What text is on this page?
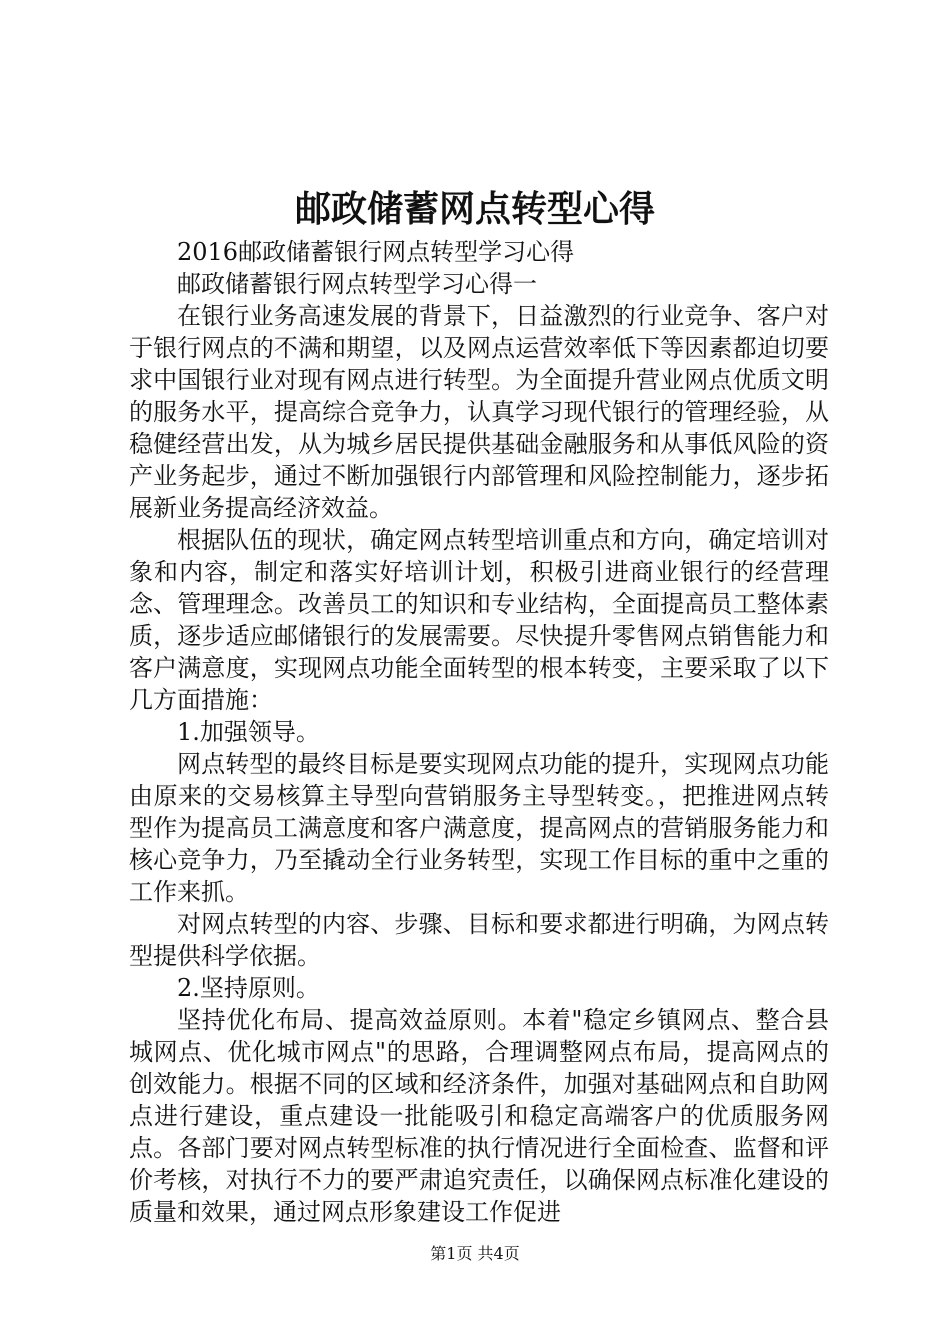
邮政储蓄网点转型心得

2016邮政储蓄银行网点转型学习心得

邮政储蓄银行网点转型学习心得一

在银行业务高速发展的背景下，日益激烈的行业竞争、客户对于银行网点的不满和期望，以及网点运营效率低下等因素都迫切要求中国银行业对现有网点进行转型。为全面提升营业网点优质文明的服务水平，提高综合竞争力，认真学习现代银行的管理经验，从稳健经营出发，从为城乡居民提供基础金融服务和从事低风险的资产业务起步，通过不断加强银行内部管理和风险控制能力，逐步拓展新业务提高经济效益。

根据队伍的现状，确定网点转型培训重点和方向，确定培训对象和内容，制定和落实好培训计划，积极引进商业银行的经营理念、管理理念。改善员工的知识和专业结构，全面提高员工整体素质，逐步适应邮储银行的发展需要。尽快提升零售网点销售能力和客户满意度，实现网点功能全面转型的根本转变，主要采取了以下几方面措施：

1.加强领导。

网点转型的最终目标是要实现网点功能的提升，实现网点功能由原来的交易核算主导型向营销服务主导型转变。，把推进网点转型作为提高员工满意度和客户满意度，提高网点的营销服务能力和核心竞争力，乃至撬动全行业务转型，实现工作目标的重中之重的工作来抓。

对网点转型的内容、步骤、目标和要求都进行明确，为网点转型提供科学依据。

2.坚持原则。

坚持优化布局、提高效益原则。本着"稳定乡镇网点、整合县城网点、优化城市网点"的思路，合理调整网点布局，提高网点的创效能力。根据不同的区域和经济条件，加强对基础网点和自助网点进行建设，重点建设一批能吸引和稳定高端客户的优质服务网点。各部门要对网点转型标准的执行情况进行全面检查、监督和评价考核，对执行不力的要严肃追究责任，以确保网点标准化建设的质量和效果，通过网点形象建设工作促进

第1页 共4页
